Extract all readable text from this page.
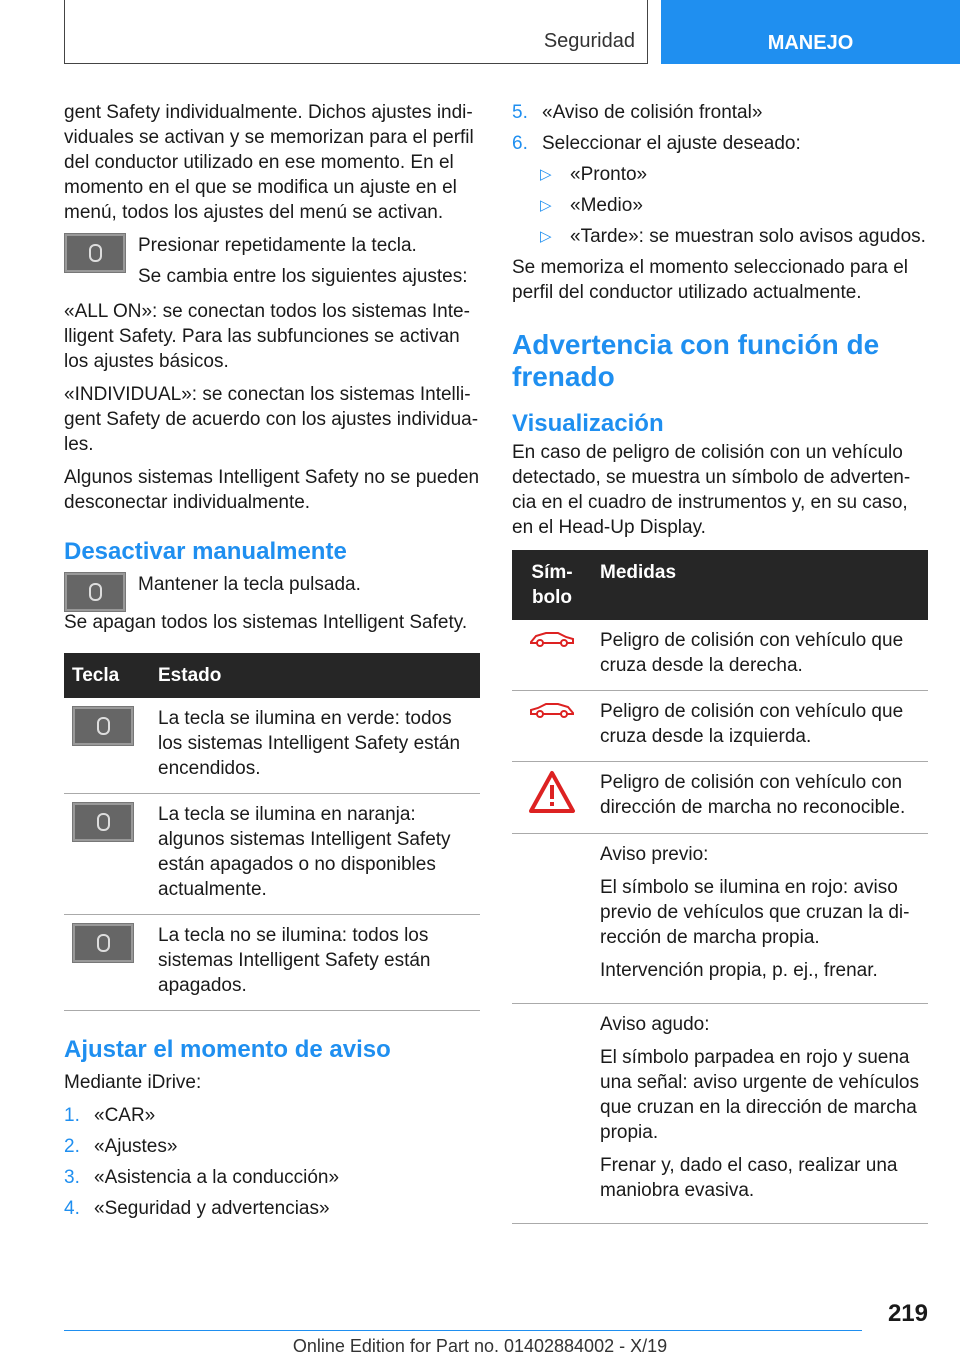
Seguridad	MANEJO

gent Safety individualmente. Dichos ajustes individuales se activan y se memorizan para el perfil del conductor utilizado en ese momento. En el momento en el que se modifica un ajuste en el menú, todos los ajustes del menú se activan.

Presionar repetidamente la tecla.

Se cambia entre los siguientes ajustes:

«ALL ON»: se conectan todos los sistemas Intelligent Safety. Para las subfunciones se activan los ajustes básicos.

«INDIVIDUAL»: se conectan los sistemas Intelligent Safety de acuerdo con los ajustes individuales.

Algunos sistemas Intelligent Safety no se pueden desconectar individualmente.

Desactivar manualmente

Mantener la tecla pulsada.

Se apagan todos los sistemas Intelligent Safety.

Tecla	Estado

	La tecla se ilumina en verde: todos los sistemas Intelligent Safety están encendidos.

	La tecla se ilumina en naranja: algunos sistemas Intelligent Safety están apagados o no disponibles actualmente.

	La tecla no se ilumina: todos los sistemas Intelligent Safety están apagados.
Ajustar el momento de aviso

Mediante iDrive:

1. «CAR»
2. «Ajustes»
3. «Asistencia a la conducción»
4. «Seguridad y advertencias»
5. «Aviso de colisión frontal»
6. Seleccionar el ajuste deseado:
▷ «Pronto»
▷ «Medio»
▷ «Tarde»: se muestran solo avisos agudos.

Se memoriza el momento seleccionado para el perfil del conductor utilizado actualmente.

Advertencia con función de frenado
Visualización

En caso de peligro de colisión con un vehículo detectado, se muestra un símbolo de advertencia en el cuadro de instrumentos y, en su caso, en el Head-Up Display.

Símbolo	Medidas
	Peligro de colisión con vehículo que cruza desde la derecha.
	Peligro de colisión con vehículo que cruza desde la izquierda.
	Peligro de colisión con vehículo con dirección de marcha no reconocible.

	Aviso previo:

El símbolo se ilumina en rojo: aviso previo de vehículos que cruzan la dirección de marcha propia.

Intervención propia, p. ej., frenar.

	Aviso agudo:

El símbolo parpadea en rojo y suena una señal: aviso urgente de vehículos que cruzan en la dirección de marcha propia.

Frenar y, dado el caso, realizar una maniobra evasiva.

219
Online Edition for Part no. 01402884002 - X/19
